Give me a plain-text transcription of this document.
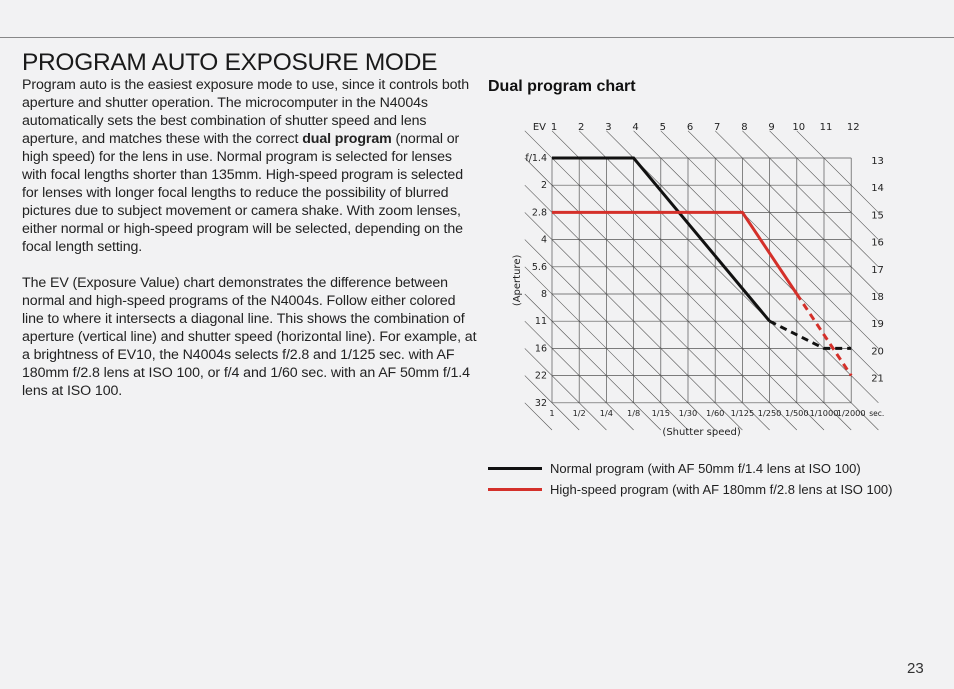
PROGRAM AUTO EXPOSURE MODE

Program auto is the easiest exposure mode to use, since it controls both aperture and shutter operation. The microcomputer in the N4004s automatically sets the best combination of shutter speed and lens aperture, and matches these with the correct dual program (normal or high speed) for the lens in use. Normal program is selected for lenses with focal lengths shorter than 135mm. High-speed program is selected for lenses with longer focal lengths to reduce the possibility of blurred pictures due to subject movement or camera shake. With zoom lenses, either normal or high-speed program will be selected, depending on the focal length setting.

The EV (Exposure Value) chart demonstrates the difference between normal and high-speed programs of the N4004s. Follow either colored line to where it intersects a diagonal line. This shows the combination of aperture (vertical line) and shutter speed (horizontal line). For example, at a brightness of EV10, the N4004s selects f/2.8 and 1/125 sec. with AF 180mm f/2.8 lens at ISO 100, or f/4 and 1/60 sec. with an AF 50mm f/1.4 lens at ISO 100.

Dual program chart
EV 1 2 3 4 5 6 7 8 9 10 11 12
13
14
15
16
17
18
19
20
21
f/1.4
2
2.8
4
5.6
8
11
16
22
32
1 1/2 1/4 1/8 1/15 1/30 1/60 1/125 1/250 1/500 1/1000
1/2000 sec.
(Shutter speed)
(Aperture)
Normal program (with AF 50mm f/1.4 lens at ISO 100)
High-speed program (with AF 180mm f/2.8 lens at ISO 100)
23
